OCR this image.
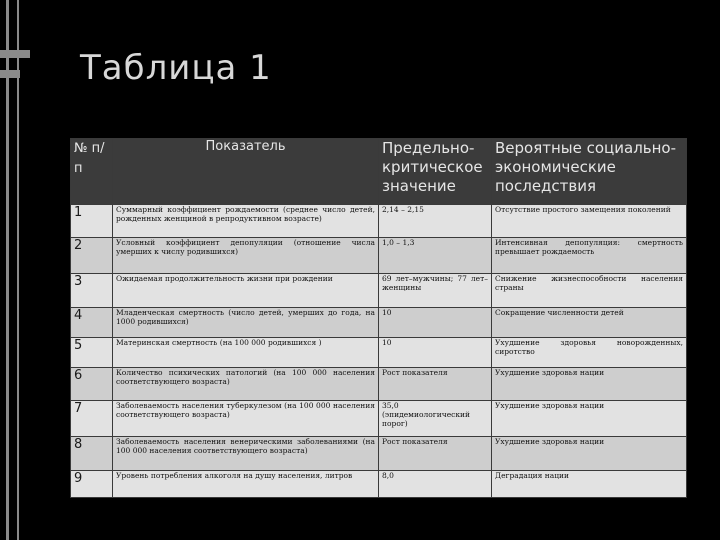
Таблица 1
№ п/п	Показатель	Предельно-критическое значение	Вероятные социально-экономические последствия
1	Суммарный коэффициент рождаемости (среднее число детей, рожденных женщиной в репродуктивном возрасте)	2,14 – 2,15	Отсутствие простого замещения поколений
2	Условный коэффициент депопуляции (отношение числа умерших к числу родившихся)	1,0 – 1,3	Интенсивная депопуляция: смертность превышает рождаемость
3	Ожидаемая продолжительность жизни при рождении	69 лет–мужчины; 77 лет–женщины	Снижение жизнеспособности населения страны
4	Младенческая смертность (число детей, умерших до года, на 1000 родившихся)	10	Сокращение численности детей
5	Материнская смертность (на 100 000 родившихся )	10	Ухудшение здоровья новорожденных, сиротство
6	Количество психических патологий (на 100 000 населения соответствующего возраста)	Рост показателя	Ухудшение здоровья нации
7	Заболеваемость населения туберкулезом (на 100 000 населения соответствующего возраста)	35,0 (эпидемиологический порог)	Ухудшение здоровья нации
8	Заболеваемость населения венерическими заболеваниями (на 100 000 населения соответствующего возраста)	Рост показателя	Ухудшение здоровья нации
9	Уровень потребления алкоголя на душу населения, литров	8,0	Деградация нации
